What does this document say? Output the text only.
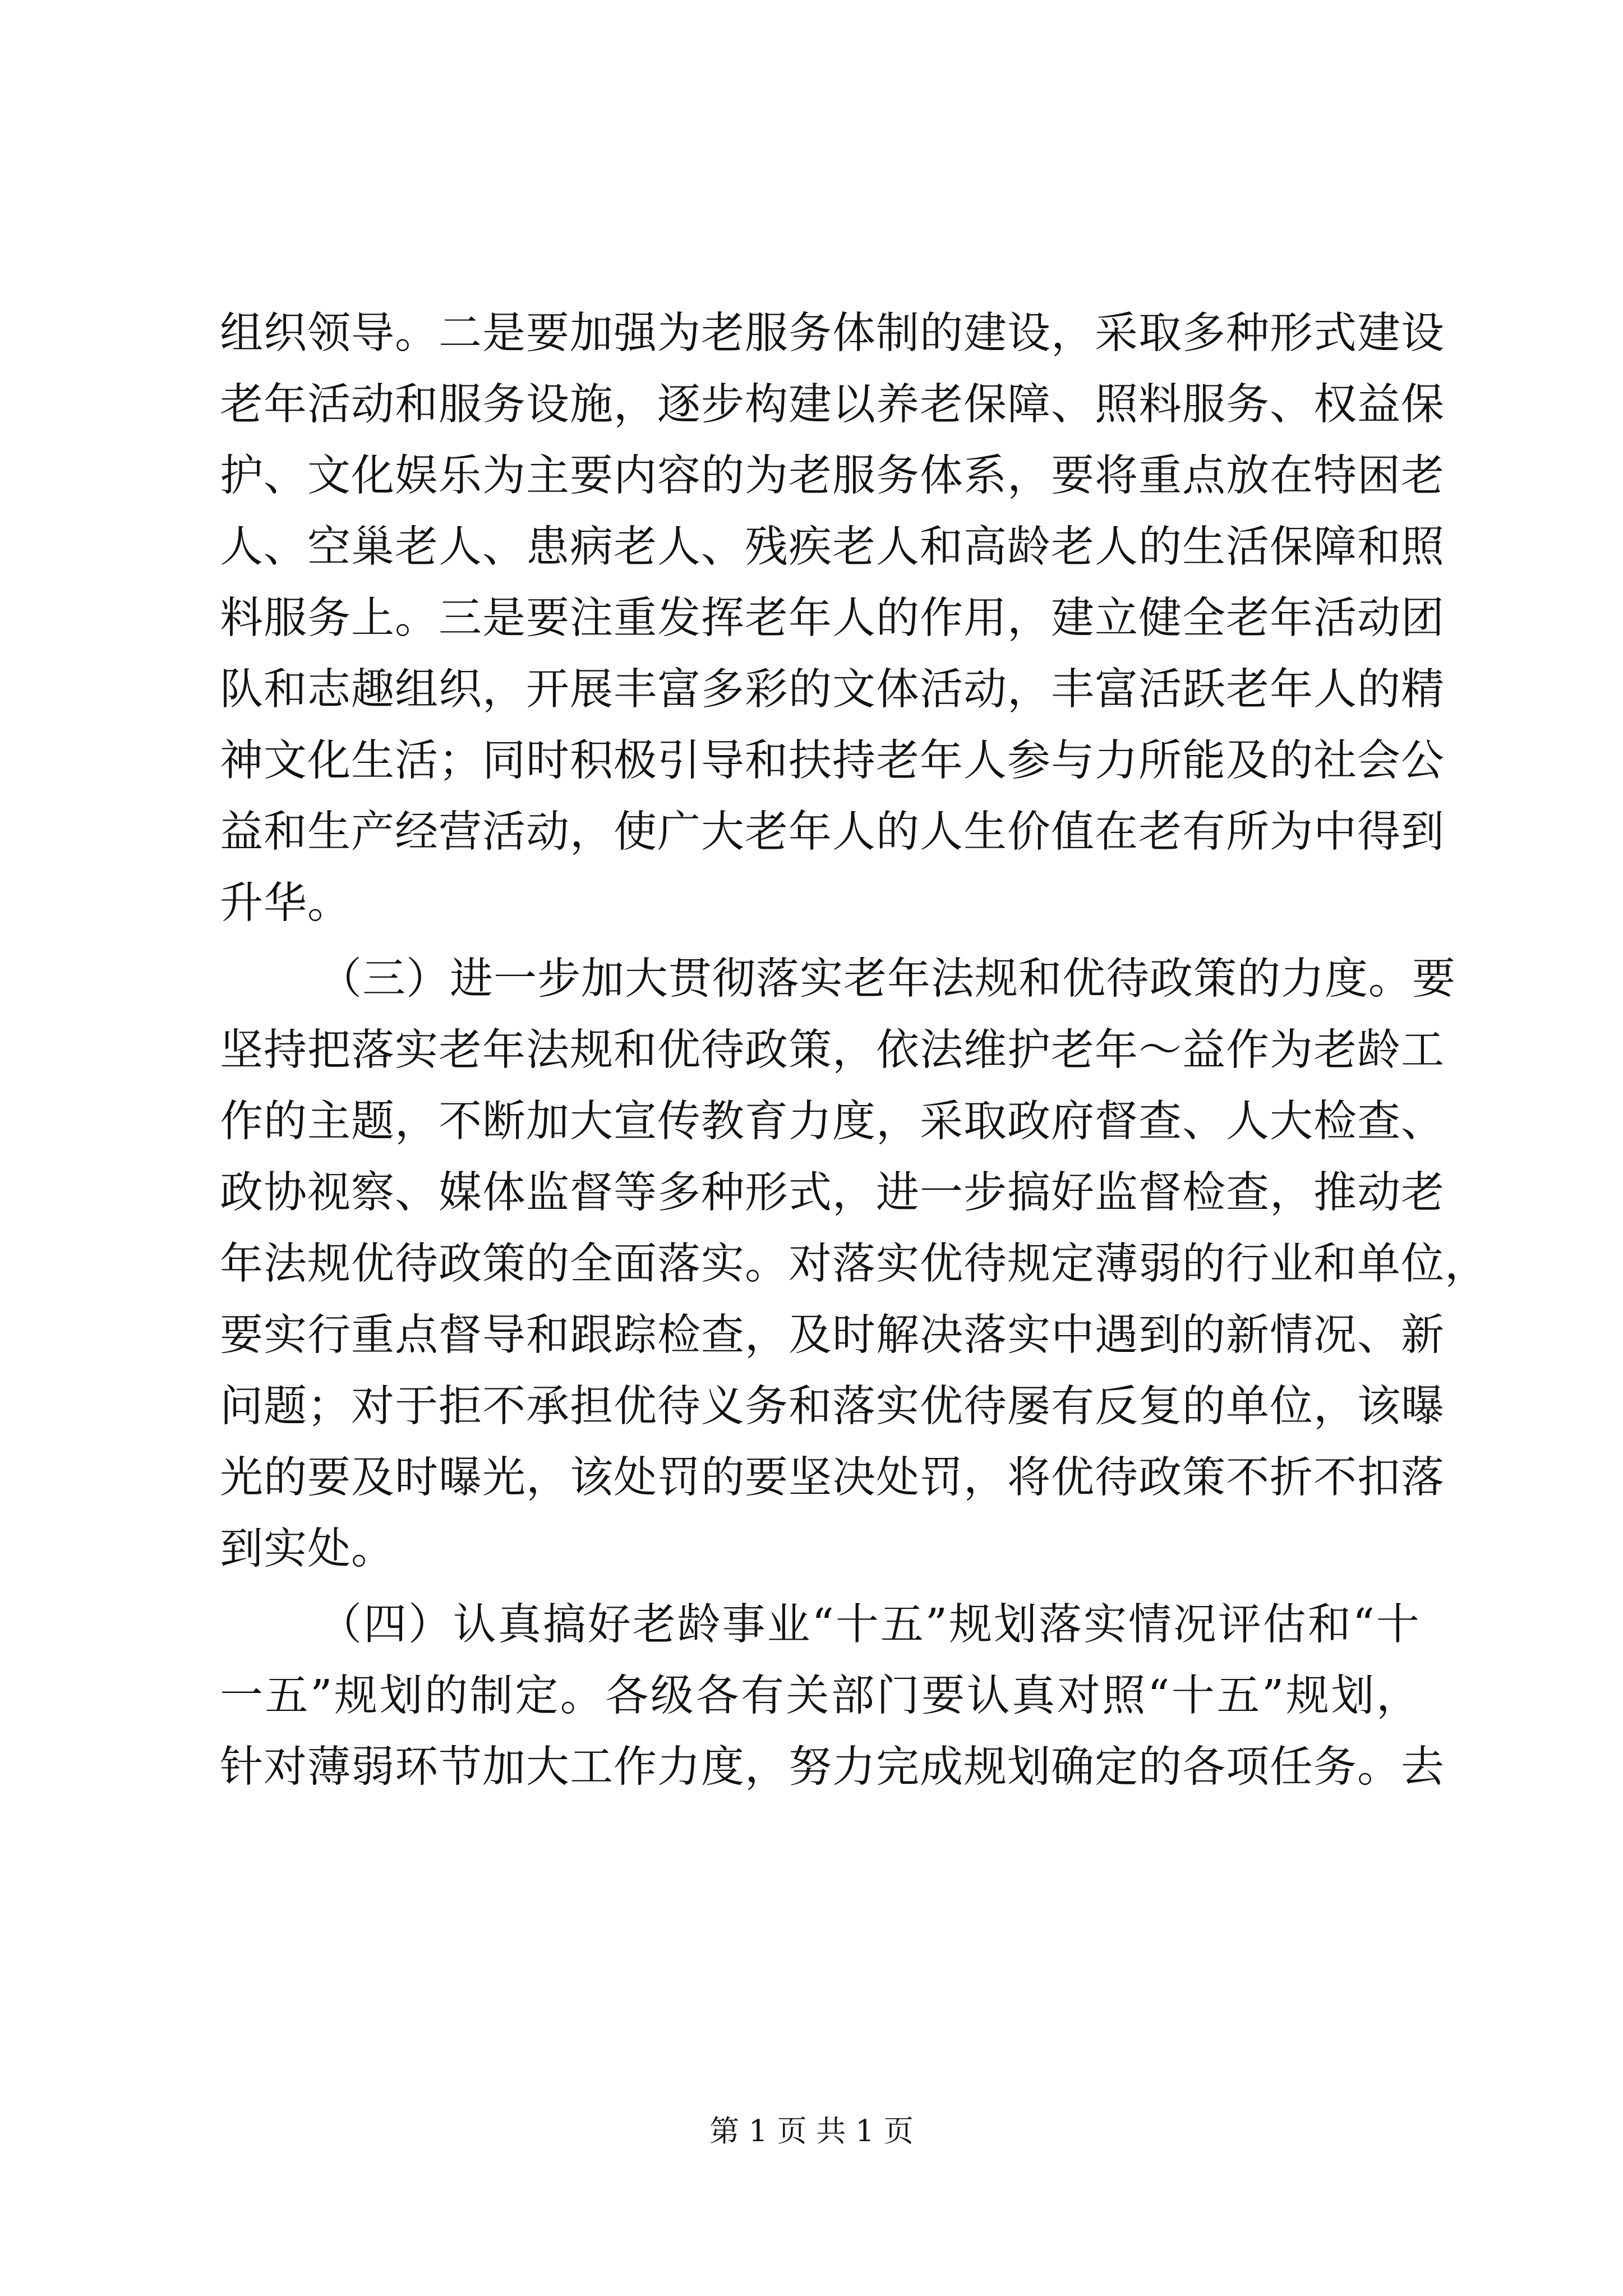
组织领导。二是要加强为老服务体制的建设，采取多种形式建设
老年活动和服务设施，逐步构建以养老保障、照料服务、权益保
护、文化娱乐为主要内容的为老服务体系，要将重点放在特困老
人、空巢老人、患病老人、残疾老人和高龄老人的生活保障和照
料服务上。三是要注重发挥老年人的作用，建立健全老年活动团
队和志趣组织，开展丰富多彩的文体活动，丰富活跃老年人的精
神文化生活；同时积极引导和扶持老年人参与力所能及的社会公
益和生产经营活动，使广大老年人的人生价值在老有所为中得到
升华。
（三）进一步加大贯彻落实老年法规和优待政策的力度。要
坚持把落实老年法规和优待政策，依法维护老年～益作为老龄工
作的主题，不断加大宣传教育力度，采取政府督查、人大检查、
政协视察、媒体监督等多种形式，进一步搞好监督检查，推动老
年法规优待政策的全面落实。对落实优待规定薄弱的行业和单位，
要实行重点督导和跟踪检查，及时解决落实中遇到的新情况、新
问题；对于拒不承担优待义务和落实优待屡有反复的单位，该曝
光的要及时曝光，该处罚的要坚决处罚，将优待政策不折不扣落
到实处。
（四）认真搞好老龄事业“十五”规划落实情况评估和“十
一五”规划的制定。各级各有关部门要认真对照“十五”规划，
针对薄弱环节加大工作力度，努力完成规划确定的各项任务。去
第 1 页 共 1 页
